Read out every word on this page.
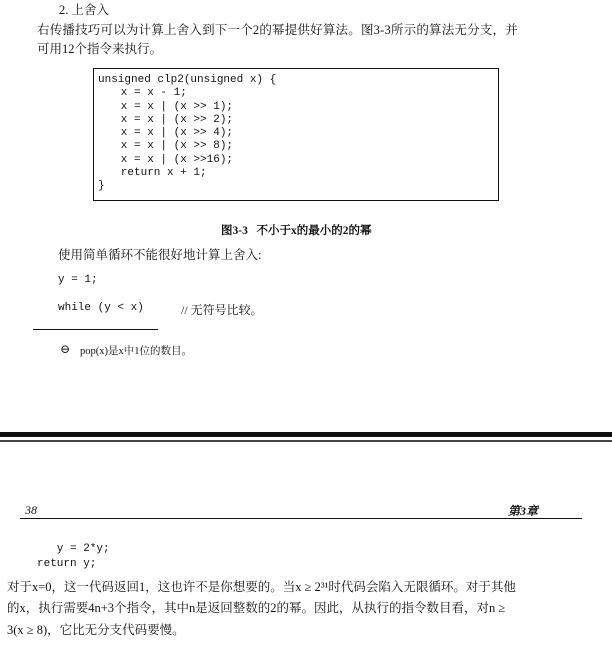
2. 上舍入
右传播技巧可以为计算上舍入到下一个2的幂提供好算法。图3-3所示的算法无分支，并
可用12个指令来执行。
unsigned clp2(unsigned x) {
x = x - 1;
x = x | (x >> 1);
x = x | (x >> 2);
x = x | (x >> 4);
x = x | (x >> 8);
x = x | (x >>16);
return x + 1;
}
图3-3   不小于x的最小的2的幂
使用简单循环不能很好地计算上舍入:
y = 1;
while (y < x)	// 无符号比较。
⊖ pop(x)是x中1位的数目。
38	第3章
y = 2*y;
return y;
对于x=0，这一代码返回1，这也许不是你想要的。当x ≥ 2³¹时代码会陷入无限循环。对于其他
的x，执行需要4n+3个指令，其中n是返回整数的2的幂。因此，从执行的指令数目看，对n ≥
3(x ≥ 8)，它比无分支代码要慢。
